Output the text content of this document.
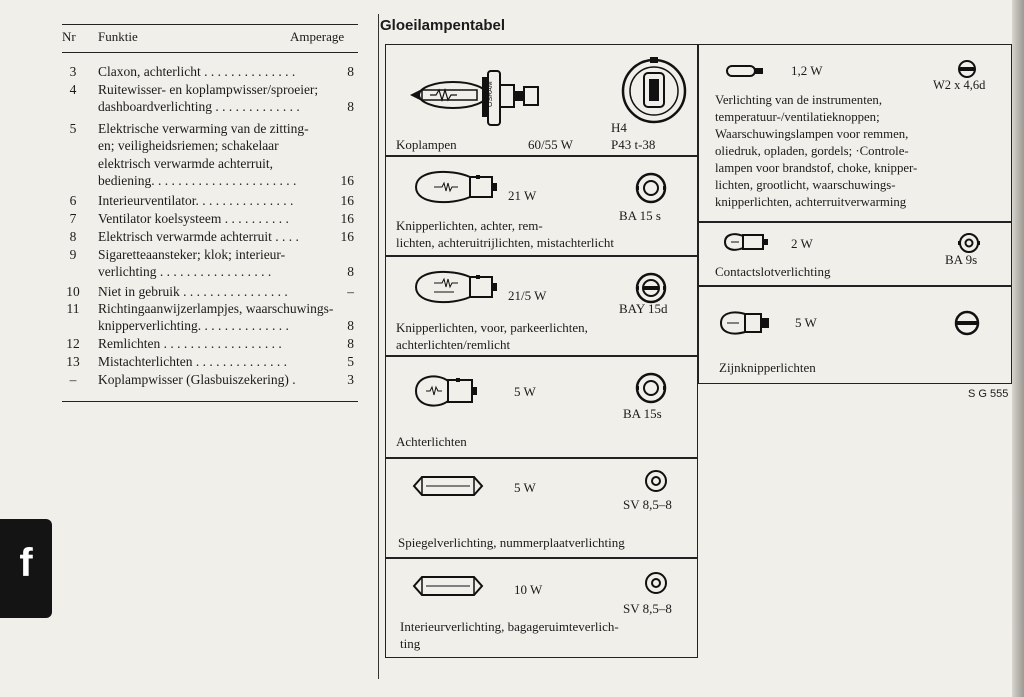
Nr Funktie	Amperage
3	Claxon, achterlicht . . . . . . . . . . . . . .	8
4	Ruitewisser- en koplampwisser/sproeier;
dashboardverlichting . . . . . . . . . . . . .	8
5	Elektrische verwarming van de zitting-
en; veiligheidsriemen; schakelaar
elektrisch verwarmde achterruit,
bediening. . . . . . . . . . . . . . . . . . . . . .	16
6	Interieurventilator. . . . . . . . . . . . . . .	16
7	Ventilator koelsysteem . . . . . . . . . .	16
8	Elektrisch verwarmde achterruit . . . .	16
9	Sigaretteaansteker; klok; interieur-
verlichting . . . . . . . . . . . . . . . . .	8
10	Niet in gebruik . . . . . . . . . . . . . . . .	–
11	Richtingaanwijzerlampjes, waarschuwings-
knipperverlichting. . . . . . . . . . . . . .	8
12	Remlichten . . . . . . . . . . . . . . . . . .	8
13	Mistachterlichten . . . . . . . . . . . . . .	5
–	Koplampwisser (Glasbuiszekering) .	3
f
Gloeilampentabel
OSRAM
Koplampen	60/55 W
H4
P43 t-38
21 W
BA 15 s
Knipperlichten, achter, rem-
lichten, achteruitrijlichten, mistachterlicht
21/5 W
BAY 15d
Knipperlichten, voor, parkeerlichten,
achterlichten/remlicht
5 W
BA 15s
Achterlichten
5 W
SV 8,5–8
Spiegelverlichting, nummerplaatverlichting
10 W
SV 8,5–8
Interieurverlichting, bagageruimteverlich-
ting
1,2 W
W2 x 4,6d
Verlichting van de instrumenten,
temperatuur-/ventilatieknoppen;
Waarschuwingslampen voor remmen,
oliedruk, opladen, gordels; ·Controle-
lampen voor brandstof, choke, knipper-
lichten, grootlicht, waarschuwings-
knipperlichten, achterruitverwarming
2 W
BA 9s
Contactslotverlichting
5 W
Zijnknipperlichten
S G 555
